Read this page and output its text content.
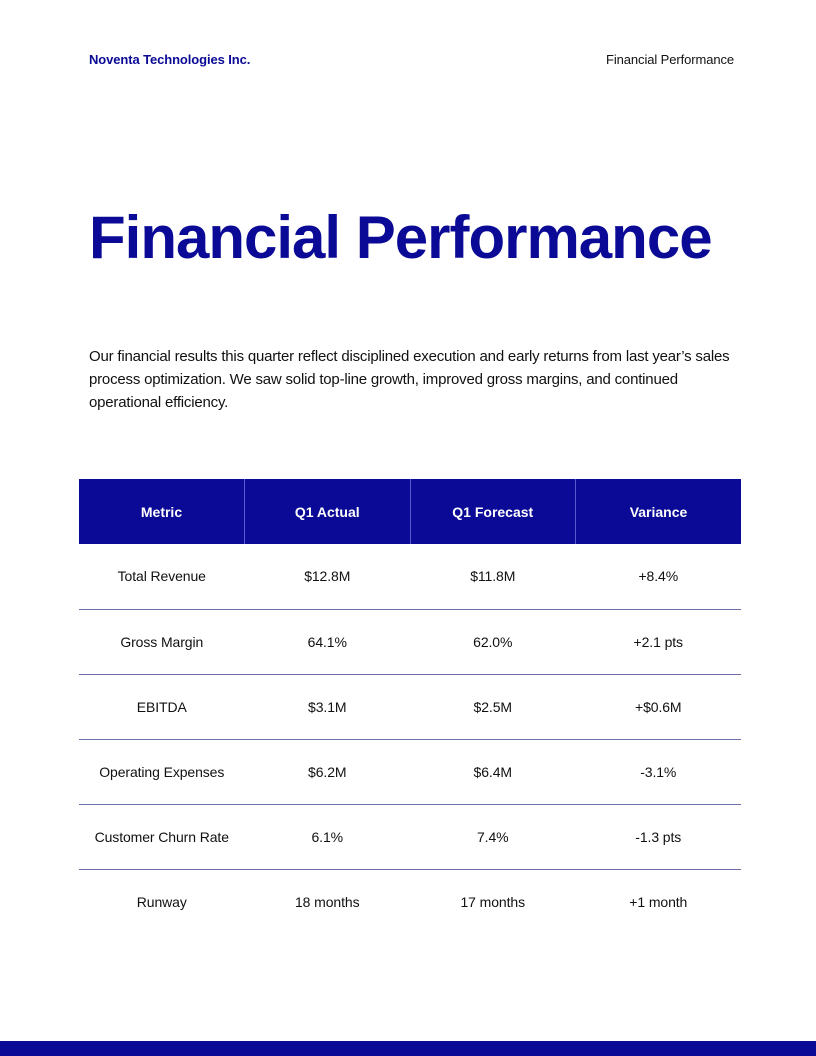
Noventa Technologies Inc.	Financial Performance
Financial Performance

Our financial results this quarter reflect disciplined execution and early returns from last year’s sales process optimization. We saw solid top-line growth, improved gross margins, and continued operational efficiency.

Metric	Q1 Actual	Q1 Forecast	Variance
Total Revenue	$12.8M	$11.8M	+8.4%
Gross Margin	64.1%	62.0%	+2.1 pts
EBITDA	$3.1M	$2.5M	+$0.6M
Operating Expenses	$6.2M	$6.4M	-3.1%
Customer Churn Rate	6.1%	7.4%	-1.3 pts
Runway	18 months	17 months	+1 month
